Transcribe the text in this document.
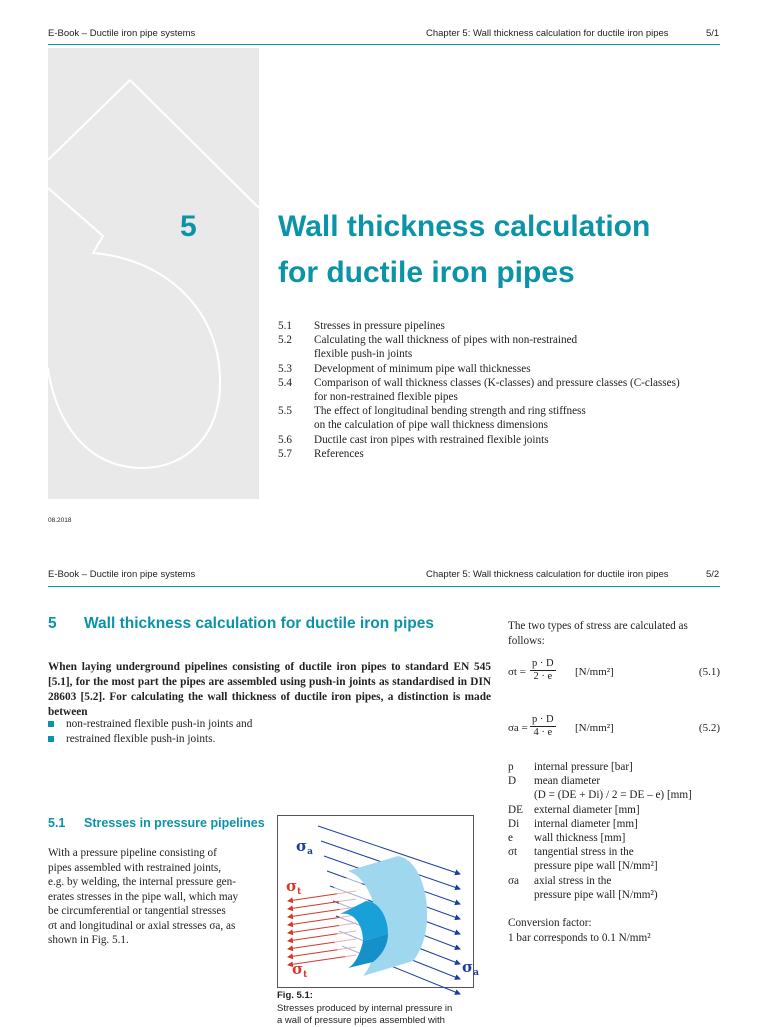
E-Book – Ductile iron pipe systems	Chapter 5: Wall thickness calculation for ductile iron pipes	5/1
5	Wall thickness calculation
for ductile iron pipes
5.1	Stresses in pressure pipelines
5.2	Calculating the wall thickness of pipes with non-restrained
flexible push-in joints
5.3	Development of minimum pipe wall thicknesses
5.4	Comparison of wall thickness classes (K-classes) and pressure classes (C-classes)
for non-restrained flexible pipes
5.5	The effect of longitudinal bending strength and ring stiffness
on the calculation of pipe wall thickness dimensions
5.6	Ductile cast iron pipes with restrained flexible joints
5.7	References
08.2018
E-Book – Ductile iron pipe systems	Chapter 5: Wall thickness calculation for ductile iron pipes	5/2
5 Wall thickness calculation for ductile iron pipes
When laying underground pipelines consisting of ductile iron pipes to standard EN 545 [5.1], for the most part the pipes are assembled using push-in joints as standardised in DIN 28603 [5.2]. For calculating the wall thickness of ductile iron pipes, a distinction is made between
non-restrained flexible push-in joints and
restrained flexible push-in joints.
5.1 Stresses in pressure pipelines
With a pressure pipeline consisting of
pipes assembled with restrained joints,
e.g. by welding, the internal pressure gen-
erates stresses in the pipe wall, which may
be circumferential or tangential stresses
σt and longitudinal or axial stresses σa, as
shown in Fig. 5.1.
$\sigma_a$
$\sigma_t$
$\sigma_t$	$\sigma_a$
Fig. 5.1:
Stresses produced by internal pressure in
a wall of pressure pipes assembled with
The two types of stress are calculated as follows:
$\sigma t = \frac{p \cdot D}{2 \cdot e} [N/mm^2]$	(5.1)
$\sigma a = \frac{p \cdot D}{4 \cdot e} [N/mm^2]$	(5.2)
p	internal pressure [bar]
D	mean diameter
(D = (DE + Di) / 2 = DE – e) [mm]
DE external diameter [mm]
Di	internal diameter [mm]
e	wall thickness [mm]
σt	tangential stress in the
pressure pipe wall [N/mm²]
σa	axial stress in the
pressure pipe wall [N/mm²)
Conversion factor:
1 bar corresponds to 0.1 N/mm²
